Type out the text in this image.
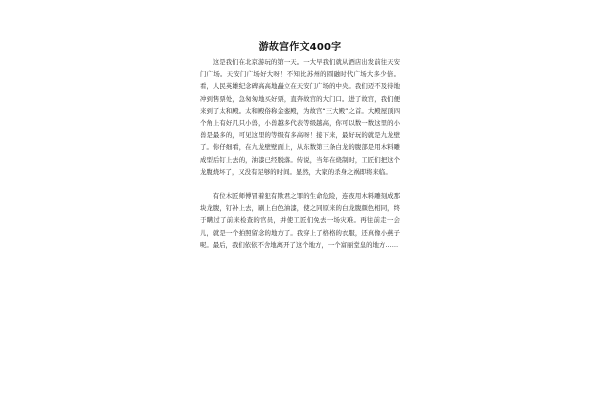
游故宫作文400字

这是我们在北京游玩的第一天。一大早我们就从酒店出发前往天安门广场。天安门广场好大呀！不知比苏州的圆融时代广场大多少倍。看，人民英雄纪念碑高高地矗立在天安门广场的中央。我们迈不及待地冲到售票处，急匆匆地买好票，直奔故宫的大门口。进了故宫，我们便来到了太和殿。太和殿俗称金銮殿，为故宫“三大殿”之首。大殿屋顶四个角上有好几只小兽，小兽越多代表等级越高，你可以数一数这里的小兽是最多的，可见这里的等级有多高呀！接下来，最好玩的就是九龙壁了。你仔细看，在九龙壁壁面上，从东数第三条白龙的腹部是用木料雕成型后钉上去的，油漆已经脱落。传说，当年在烧制时，工匠们把这个龙腹烧坏了，又没有足够的时间。显然，大家的杀身之祸即将来临。

有位木匠师傅冒着犯有欺君之罪的生命危险，连夜用木料雕刻成那块龙腹，钉补上去，刷上白色油漆，使之同原来的白龙腹颜色相同，终于瞒过了前来检查的官员，并使工匠们免去一场灾难。再往前走一会儿，就是一个拍照留念的地方了。我穿上了格格的衣服，还真像小燕子呢。最后，我们依依不舍地离开了这个地方，一个富丽堂皇的地方……
